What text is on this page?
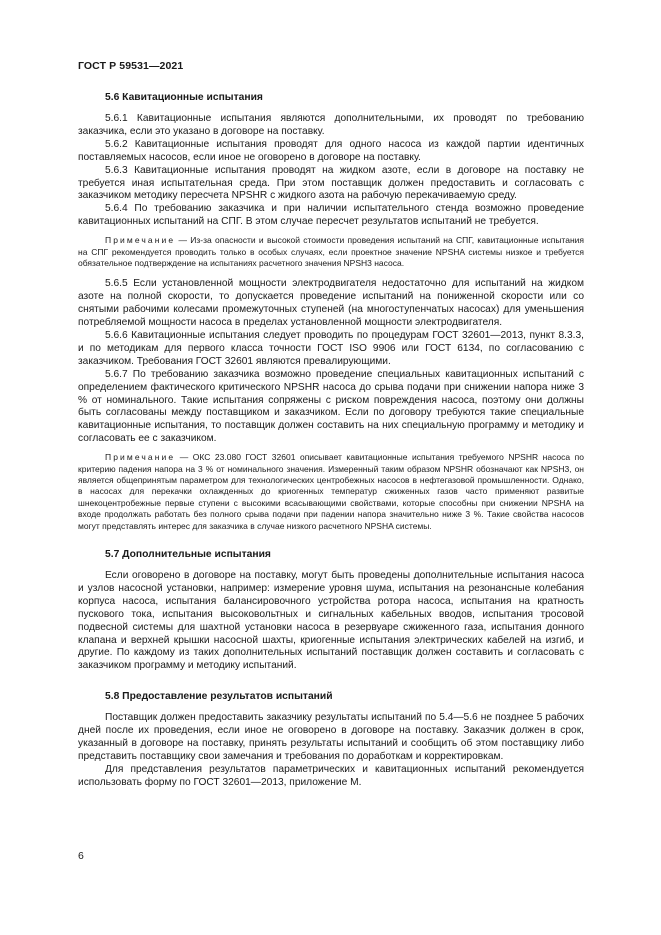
ГОСТ Р 59531—2021
5.6 Кавитационные испытания

5.6.1 Кавитационные испытания являются дополнительными, их проводят по требованию заказчика, если это указано в договоре на поставку.

5.6.2 Кавитационные испытания проводят для одного насоса из каждой партии идентичных поставляемых насосов, если иное не оговорено в договоре на поставку.

5.6.3 Кавитационные испытания проводят на жидком азоте, если в договоре на поставку не требуется иная испытательная среда. При этом поставщик должен предоставить и согласовать с заказчиком методику пересчета NPSHR с жидкого азота на рабочую перекачиваемую среду.

5.6.4 По требованию заказчика и при наличии испытательного стенда возможно проведение кавитационных испытаний на СПГ. В этом случае пересчет результатов испытаний не требуется.

Примечание — Из-за опасности и высокой стоимости проведения испытаний на СПГ, кавитационные испытания на СПГ рекомендуется проводить только в особых случаях, если проектное значение NPSHA системы низкое и требуется обязательное подтверждение на испытаниях расчетного значения NPSH3 насоса.

5.6.5 Если установленной мощности электродвигателя недостаточно для испытаний на жидком азоте на полной скорости, то допускается проведение испытаний на пониженной скорости или со снятыми рабочими колесами промежуточных ступеней (на многоступенчатых насосах) для уменьшения потребляемой мощности насоса в пределах установленной мощности электродвигателя.

5.6.6 Кавитационные испытания следует проводить по процедурам ГОСТ 32601—2013, пункт 8.3.3, и по методикам для первого класса точности ГОСТ ISO 9906 или ГОСТ 6134, по согласованию с заказчиком. Требования ГОСТ 32601 являются превалирующими.

5.6.7 По требованию заказчика возможно проведение специальных кавитационных испытаний с определением фактического критического NPSHR насоса до срыва подачи при снижении напора ниже 3 % от номинального. Такие испытания сопряжены с риском повреждения насоса, поэтому они должны быть согласованы между поставщиком и заказчиком. Если по договору требуются такие специальные кавитационные испытания, то поставщик должен составить на них специальную программу и методику и согласовать ее с заказчиком.

Примечание — ОКС 23.080 ГОСТ 32601 описывает кавитационные испытания требуемого NPSHR насоса по критерию падения напора на 3 % от номинального значения. Измеренный таким образом NPSHR обозначают как NPSH3, он является общепринятым параметром для технологических центробежных насосов в нефтегазовой промышленности. Однако, в насосах для перекачки охлажденных до криогенных температур сжиженных газов часто применяют развитые шнекоцентробежные первые ступени с высокими всасывающими свойствами, которые способны при снижении NPSHA на входе продолжать работать без полного срыва подачи при падении напора значительно ниже 3 %. Такие свойства насосов могут представлять интерес для заказчика в случае низкого расчетного NPSHA системы.

5.7 Дополнительные испытания

Если оговорено в договоре на поставку, могут быть проведены дополнительные испытания насоса и узлов насосной установки, например: измерение уровня шума, испытания на резонансные колебания корпуса насоса, испытания балансировочного устройства ротора насоса, испытания на кратность пускового тока, испытания высоковольтных и сигнальных кабельных вводов, испытания тросовой подвесной системы для шахтной установки насоса в резервуаре сжиженного газа, испытания донного клапана и верхней крышки насосной шахты, криогенные испытания электрических кабелей на изгиб, и другие. По каждому из таких дополнительных испытаний поставщик должен составить и согласовать с заказчиком программу и методику испытаний.

5.8 Предоставление результатов испытаний

Поставщик должен предоставить заказчику результаты испытаний по 5.4—5.6 не позднее 5 рабочих дней после их проведения, если иное не оговорено в договоре на поставку. Заказчик должен в срок, указанный в договоре на поставку, принять результаты испытаний и сообщить об этом поставщику либо представить поставщику свои замечания и требования по доработкам и корректировкам.

Для представления результатов параметрических и кавитационных испытаний рекомендуется использовать форму по ГОСТ 32601—2013, приложение М.

6
